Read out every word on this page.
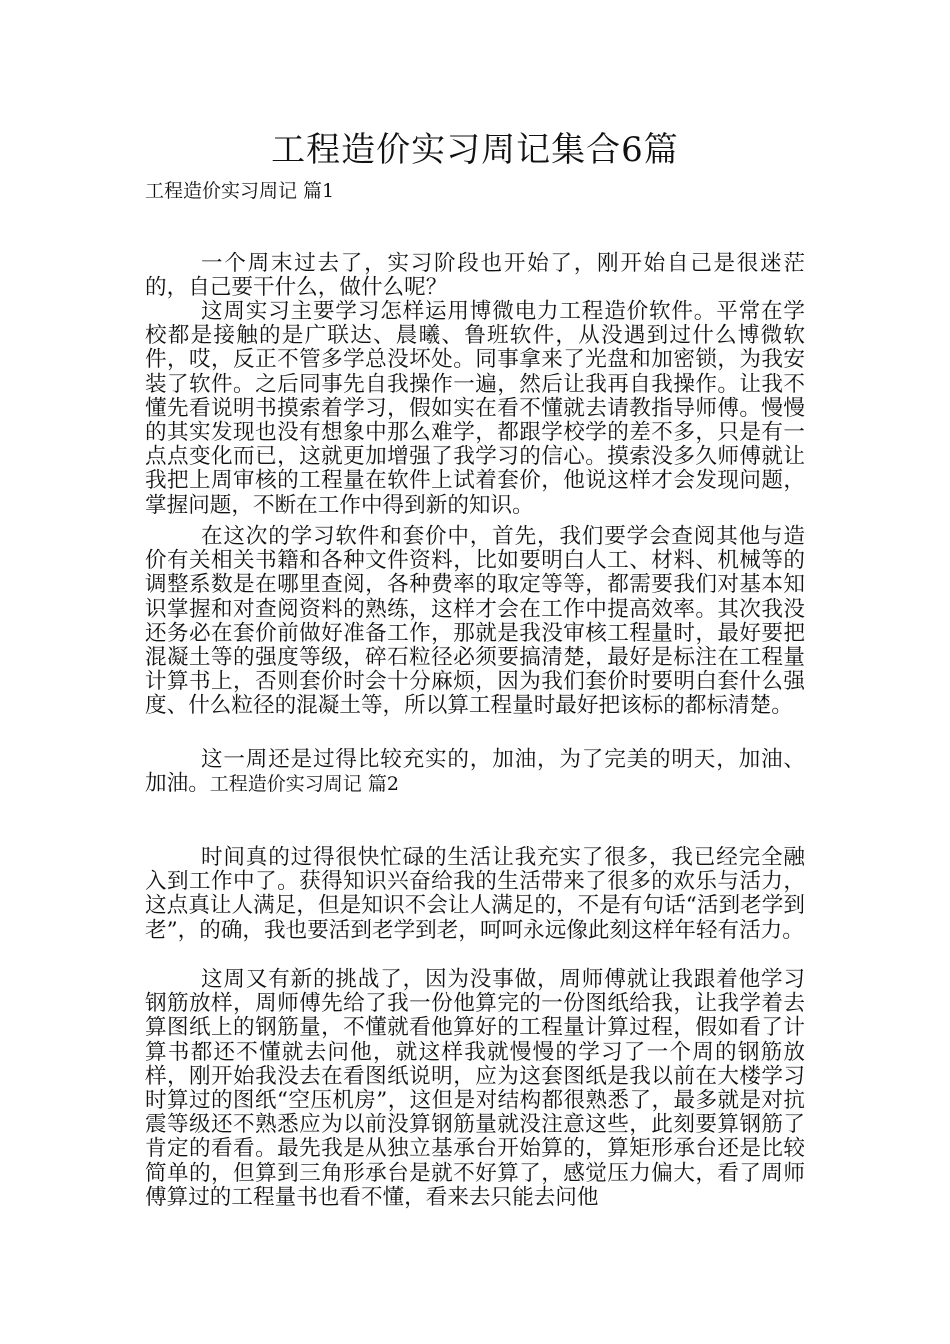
工程造价实习周记集合6篇
工程造价实习周记 篇1

一个周末过去了，实习阶段也开始了，刚开始自己是很迷茫的，自己要干什么，做什么呢？

这周实习主要学习怎样运用博微电力工程造价软件。平常在学校都是接触的是广联达、晨曦、鲁班软件，从没遇到过什么博微软件，哎，反正不管多学总没坏处。同事拿来了光盘和加密锁，为我安装了软件。之后同事先自我操作一遍，然后让我再自我操作。让我不懂先看说明书摸索着学习，假如实在看不懂就去请教指导师傅。慢慢的其实发现也没有想象中那么难学，都跟学校学的差不多，只是有一点点变化而已，这就更加增强了我学习的信心。摸索没多久师傅就让我把上周审核的工程量在软件上试着套价，他说这样才会发现问题，掌握问题，不断在工作中得到新的知识。

在这次的学习软件和套价中，首先，我们要学会查阅其他与造价有关相关书籍和各种文件资料，比如要明白人工、材料、机械等的调整系数是在哪里查阅，各种费率的取定等等，都需要我们对基本知识掌握和对查阅资料的熟练，这样才会在工作中提高效率。其次我没还务必在套价前做好准备工作，那就是我没审核工程量时，最好要把混凝土等的强度等级，碎石粒径必须要搞清楚，最好是标注在工程量计算书上，否则套价时会十分麻烦，因为我们套价时要明白套什么强度、什么粒径的混凝土等，所以算工程量时最好把该标的都标清楚。

这一周还是过得比较充实的，加油，为了完美的明天，加油、加油。工程造价实习周记 篇2

时间真的过得很快忙碌的生活让我充实了很多，我已经完全融入到工作中了。获得知识兴奋给我的生活带来了很多的欢乐与活力，这点真让人满足，但是知识不会让人满足的，不是有句话“活到老学到老”，的确，我也要活到老学到老，呵呵永远像此刻这样年轻有活力。

这周又有新的挑战了，因为没事做，周师傅就让我跟着他学习钢筋放样，周师傅先给了我一份他算完的一份图纸给我，让我学着去算图纸上的钢筋量，不懂就看他算好的工程量计算过程，假如看了计算书都还不懂就去问他，就这样我就慢慢的学习了一个周的钢筋放样，刚开始我没去在看图纸说明，应为这套图纸是我以前在大楼学习时算过的图纸“空压机房”，这但是对结构都很熟悉了，最多就是对抗震等级还不熟悉应为以前没算钢筋量就没注意这些，此刻要算钢筋了肯定的看看。最先我是从独立基承台开始算的，算矩形承台还是比较简单的，但算到三角形承台是就不好算了，感觉压力偏大，看了周师傅算过的工程量书也看不懂，看来去只能去问他
